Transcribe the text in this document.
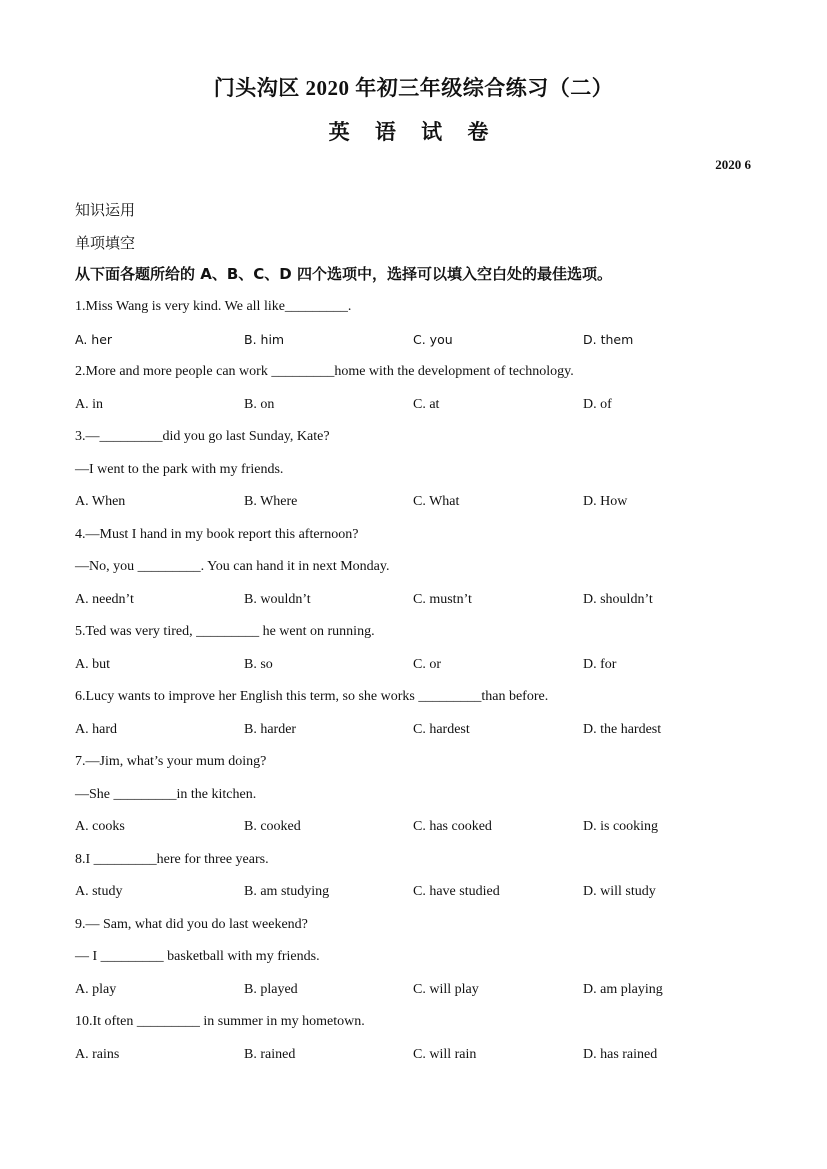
门头沟区 2020 年初三年级综合练习（二）
英 语 试 卷
2020 6
知识运用
单项填空
从下面各题所给的 A、B、C、D 四个选项中，选择可以填入空白处的最佳选项。
1.Miss Wang is very kind. We all like_________.
A. her	B. him	C. you	D. them
2.More and more people can work _________home with the development of technology.
A. in	B. on	C. at	D. of
3.—_________did you go last Sunday, Kate?
—I went to the park with my friends.
A. When	B. Where	C. What	D. How
4.—Must I hand in my book report this afternoon?
—No, you _________. You can hand it in next Monday.
A. needn’t	B. wouldn’t	C. mustn’t	D. shouldn’t
5.Ted was very tired, _________ he went on running.
A. but	B. so	C. or	D. for
6.Lucy wants to improve her English this term, so she works _________than before.
A. hard	B. harder	C. hardest	D. the hardest
7.—Jim, what’s your mum doing?
—She _________in the kitchen.
A. cooks	B. cooked	C. has cooked	D. is cooking
8.I _________here for three years.
A. study	B. am studying	C. have studied	D. will study
9.— Sam, what did you do last weekend?
— I _________ basketball with my friends.
A. play	B. played	C. will play	D. am playing
10.It often _________ in summer in my hometown.
A. rains	B. rained	C. will rain	D. has rained
